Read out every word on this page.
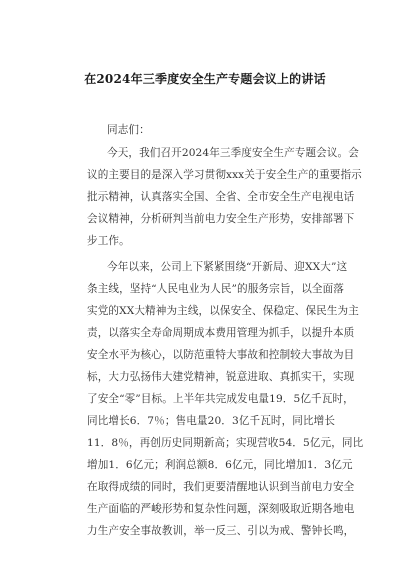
在2024年三季度安全生产专题会议上的讲话
同志们：
今天，我们召开2024年三季度安全生产专题会议。会
议的主要目的是深入学习贯彻xxx关于安全生产的重要指示
批示精神，认真落实全国、全省、全市安全生产电视电话
会议精神，分析研判当前电力安全生产形势，安排部署下
步工作。
今年以来，公司上下紧紧围绕“开新局、迎XX大”这
条主线，坚持“人民电业为人民”的服务宗旨，以全面落
实党的XX大精神为主线，以保安全、保稳定、保民生为主
责，以落实全寿命周期成本费用管理为抓手，以提升本质
安全水平为核心，以防范重特大事故和控制较大事故为目
标，大力弘扬伟大建党精神，锐意进取、真抓实干，实现
了安全“零”目标。上半年共完成发电量19．5亿千瓦时，
同比增长6．7％；售电量20．3亿千瓦时，同比增长
11．8％，再创历史同期新高；实现营收54．5亿元，同比
增加1．6亿元；利润总额8．6亿元，同比增加1．3亿元
在取得成绩的同时，我们更要清醒地认识到当前电力安全
生产面临的严峻形势和复杂性问题，深刻吸取近期各地电
力生产安全事故教训，举一反三、引以为戒、警钟长鸣，
